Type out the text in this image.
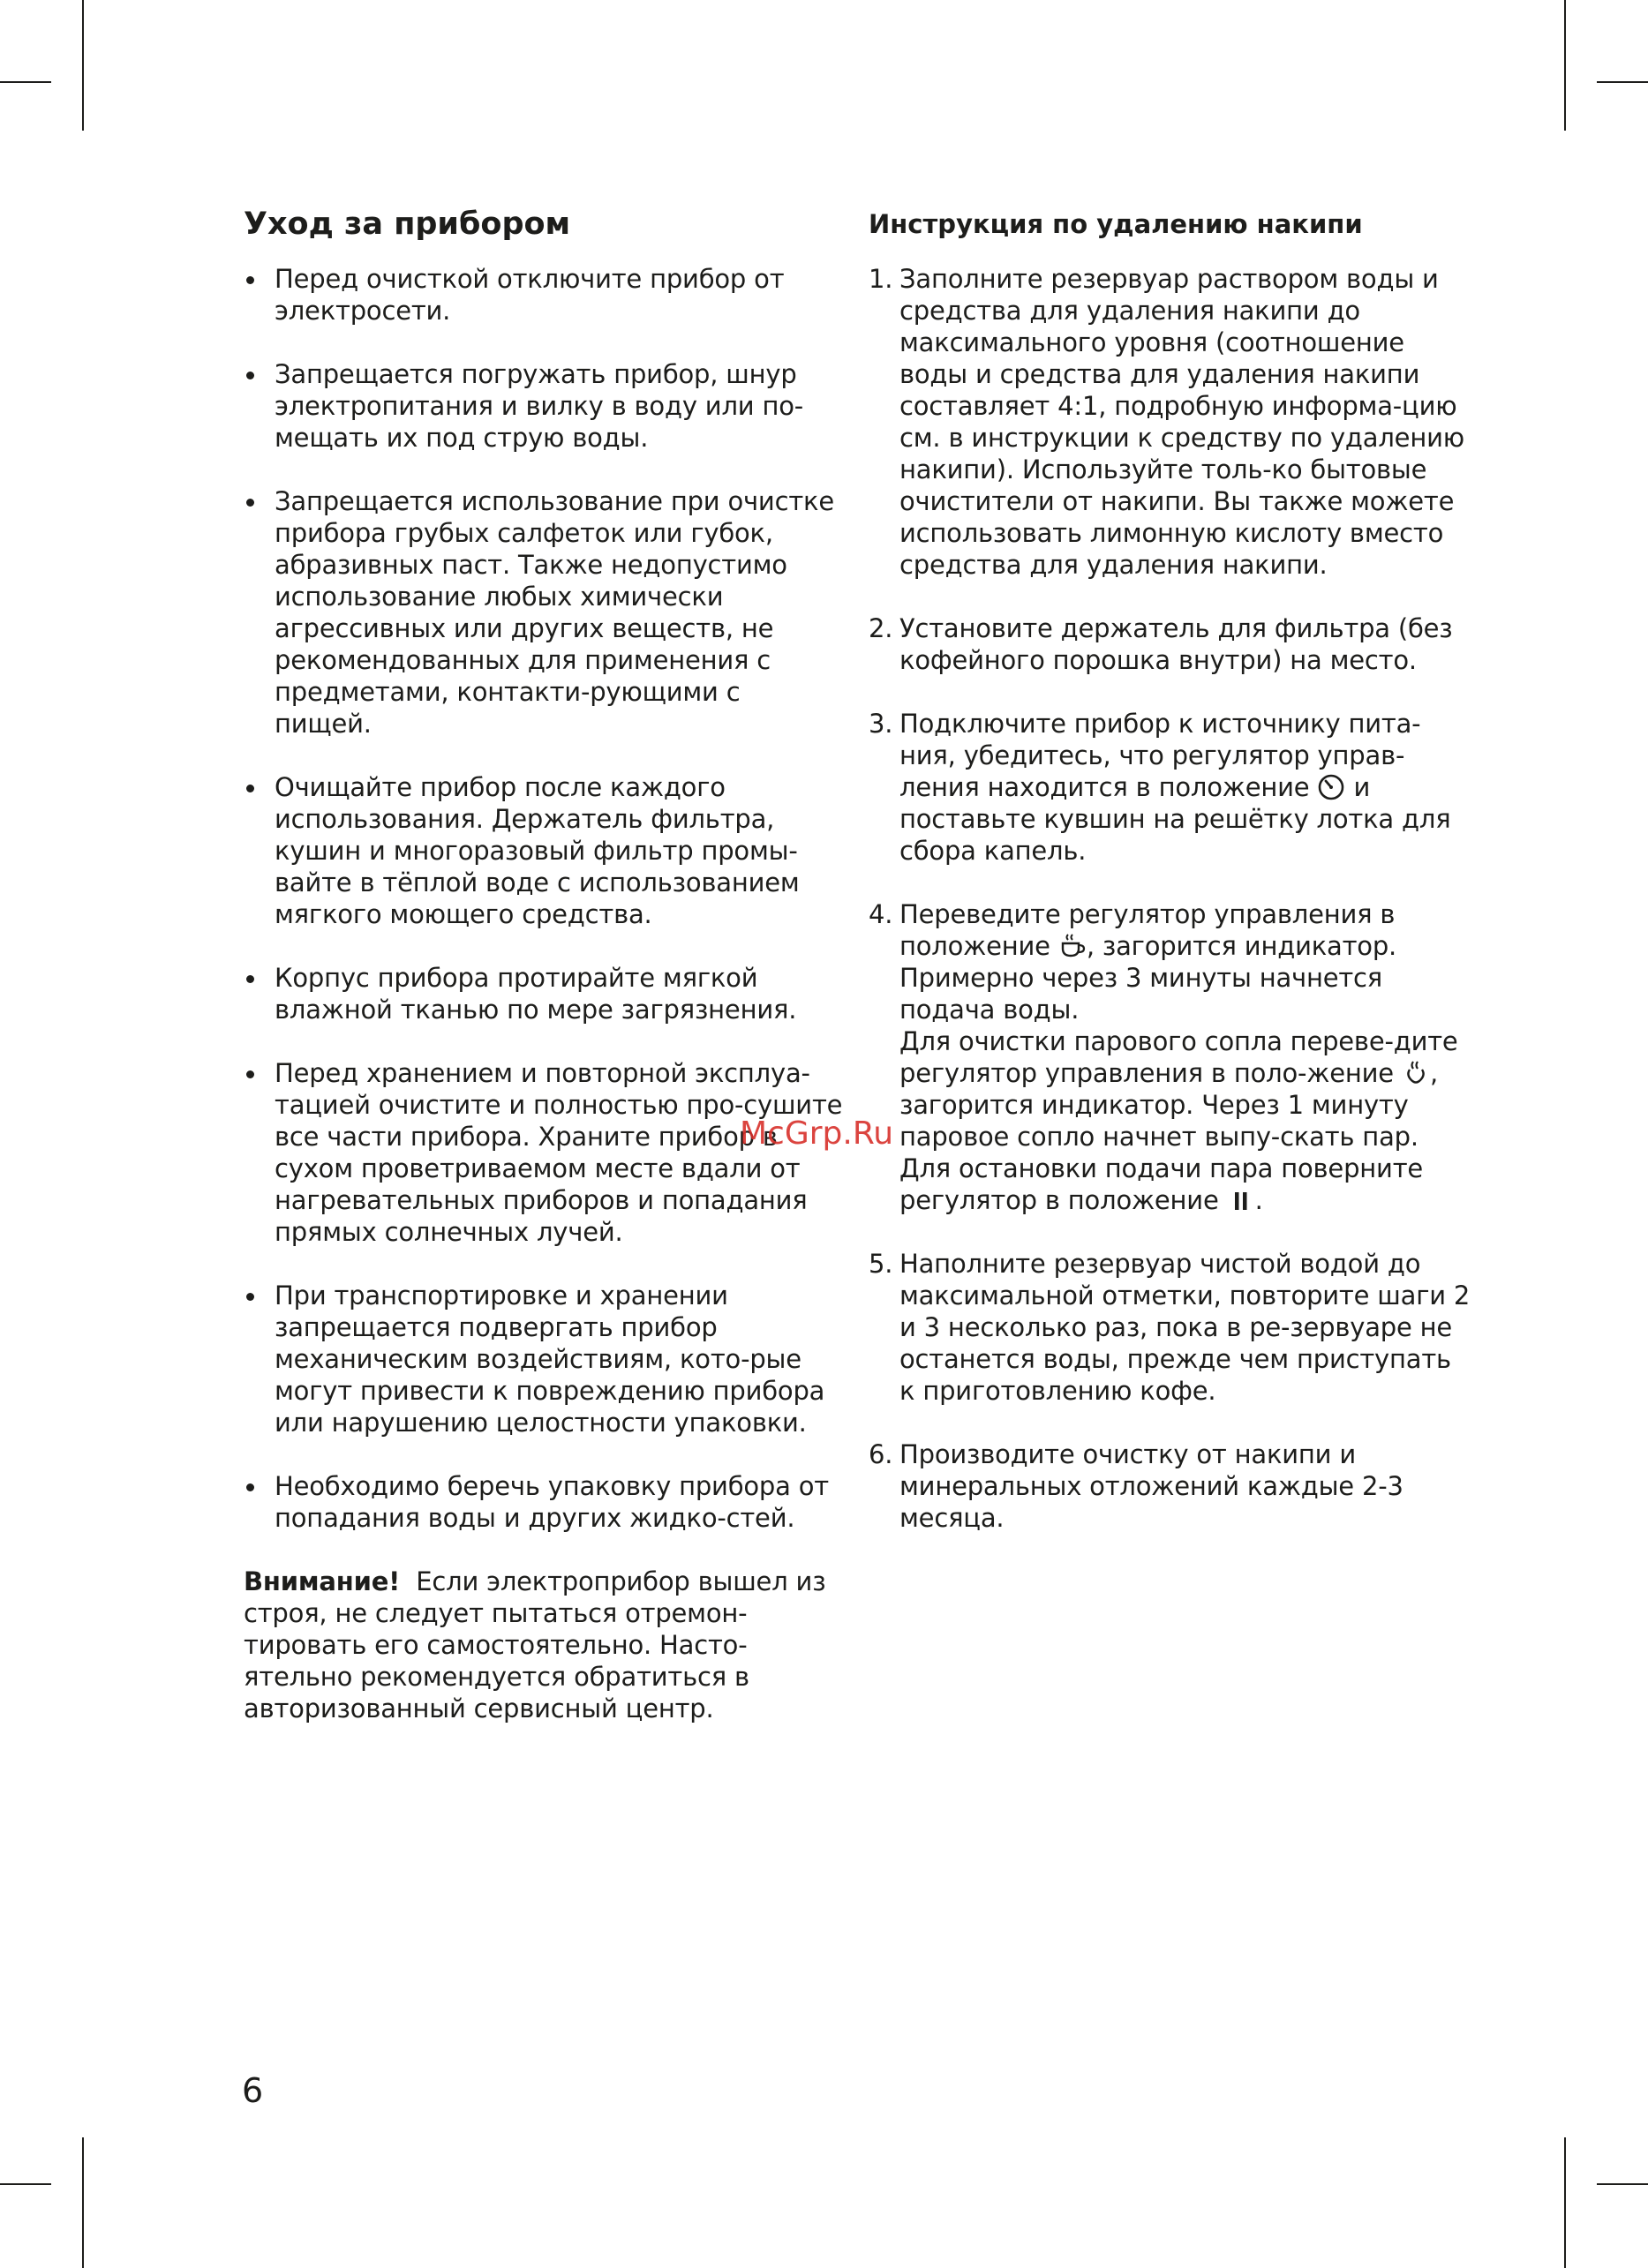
Уход за прибором
Перед очисткой отключите прибор от электросети.
Запрещается погружать прибор, шнур электропитания и вилку в воду или по-мещать их под струю воды.
Запрещается использование при очистке прибора грубых салфеток или губок, абразивных паст. Также недопустимо использование любых химически агрессивных или других веществ, не рекомендованных для применения с предметами, контакти-рующими с пищей.
Очищайте прибор после каждого использования. Держатель фильтра, кушин и многоразовый фильтр промы-вайте в тёплой воде с использованием мягкого моющего средства.
Корпус прибора протирайте мягкой влажной тканью по мере загрязнения.
Перед хранением и повторной эксплуа-тацией очистите и полностью про-сушите все части прибора. Храните прибор в сухом проветриваемом месте вдали от нагревательных приборов и попадания прямых солнечных лучей.
При транспортировке и хранении запрещается подвергать прибор механическим воздействиям, кото-рые могут привести к повреждению прибора или нарушению целостности упаковки.
Необходимо беречь упаковку прибора от попадания воды и других жидко-стей.

Внимание! Если электроприбор вышел из строя, не следует пытаться отремон-тировать его самостоятельно. Насто-ятельно рекомендуется обратиться в авторизованный сервисный центр.

Инструкция по удалению накипи
1. Заполните резервуар раствором воды и средства для удаления накипи до максимального уровня (соотношение воды и средства для удаления накипи составляет 4:1, подробную информа-цию см. в инструкции к средству по удалению накипи). Используйте толь-ко бытовые очистители от накипи. Вы также можете использовать лимонную кислоту вместо средства для удаления накипи.
2. Установите держатель для фильтра (без кофейного порошка внутри) на место.
3. Подключите прибор к источнику пита-ния, убедитесь, что регулятор управ-ления находится в положение и поставьте кувшин на решётку лотка для сбора капель.
4. Переведите регулятор управления в положение , загорится индикатор. Примерно через 3 минуты начнется подача воды.
Для очистки парового сопла переве-дите регулятор управления в поло-жение , загорится индикатор. Через 1 минуту паровое сопло начнет выпу-скать пар. Для остановки подачи пара поверните регулятор в положение .
5. Наполните резервуар чистой водой до максимальной отметки, повторите шаги 2 и 3 несколько раз, пока в ре-зервуаре не останется воды, прежде чем приступать к приготовлению кофе.
6. Производите очистку от накипи и минеральных отложений каждые 2-3 месяца.
McGrp.Ru
6
